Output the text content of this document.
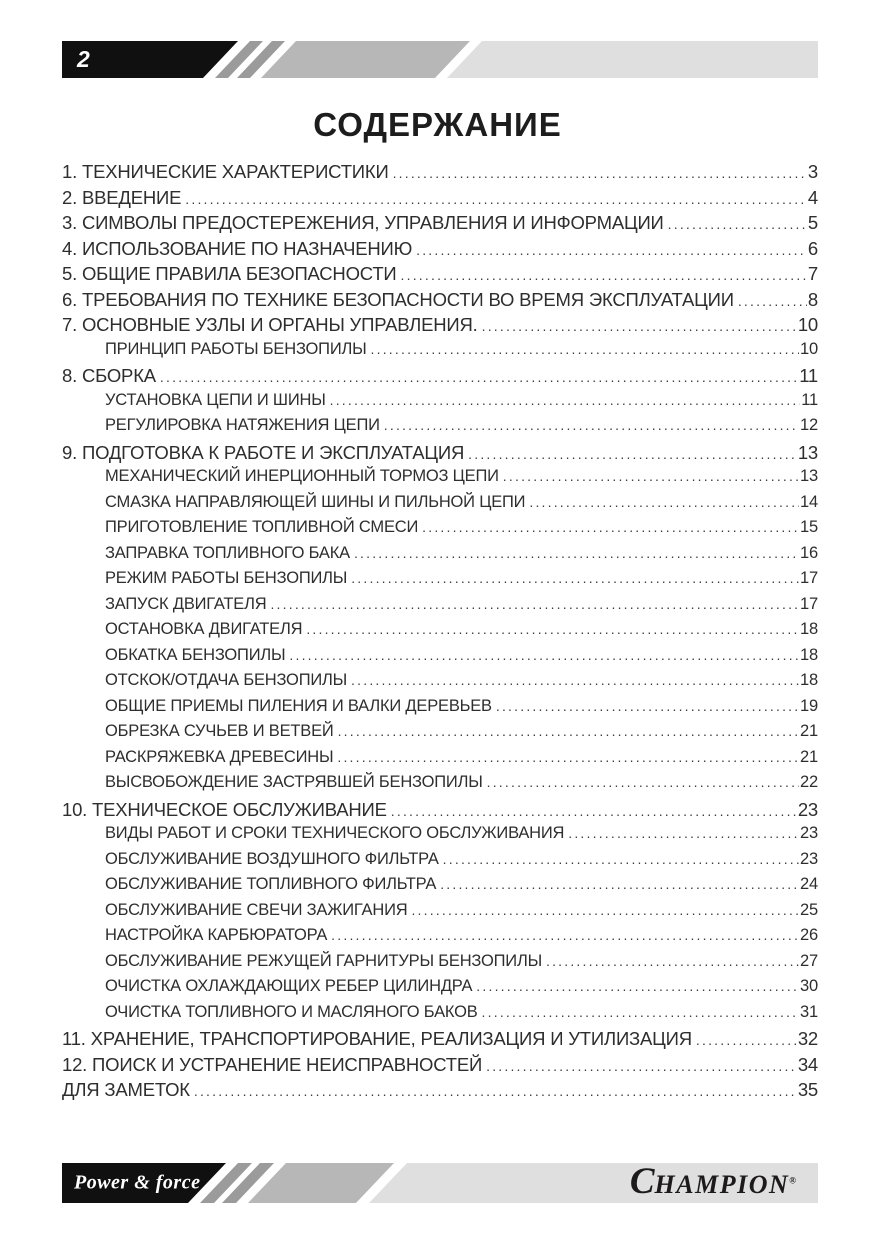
2
СОДЕРЖАНИЕ
1. ТЕХНИЧЕСКИЕ ХАРАКТЕРИСТИКИ .....	3
2. ВВЕДЕНИЕ .....	4
3. СИМВОЛЫ ПРЕДОСТЕРЕЖЕНИЯ, УПРАВЛЕНИЯ И ИНФОРМАЦИИ .....	5
4. ИСПОЛЬЗОВАНИЕ ПО НАЗНАЧЕНИЮ .....	6
5. ОБЩИЕ ПРАВИЛА БЕЗОПАСНОСТИ .....	7
6. ТРЕБОВАНИЯ ПО ТЕХНИКЕ БЕЗОПАСНОСТИ ВО ВРЕМЯ ЭКСПЛУАТАЦИИ .....	8
7. ОСНОВНЫЕ УЗЛЫ И ОРГАНЫ УПРАВЛЕНИЯ. .....	10
ПРИНЦИП РАБОТЫ БЕНЗОПИЛЫ .....	10
8. СБОРКА .....	11
УСТАНОВКА ЦЕПИ И ШИНЫ .....	11
РЕГУЛИРОВКА НАТЯЖЕНИЯ ЦЕПИ .....	12
9. ПОДГОТОВКА К РАБОТЕ И ЭКСПЛУАТАЦИЯ .....	13
МЕХАНИЧЕСКИЙ ИНЕРЦИОННЫЙ ТОРМОЗ ЦЕПИ .....	13
СМАЗКА НАПРАВЛЯЮЩЕЙ ШИНЫ И ПИЛЬНОЙ ЦЕПИ .....	14
ПРИГОТОВЛЕНИЕ ТОПЛИВНОЙ СМЕСИ .....	15
ЗАПРАВКА ТОПЛИВНОГО БАКА .....	16
РЕЖИМ РАБОТЫ БЕНЗОПИЛЫ .....	17
ЗАПУСК ДВИГАТЕЛЯ .....	17
ОСТАНОВКА ДВИГАТЕЛЯ .....	18
ОБКАТКА БЕНЗОПИЛЫ .....	18
ОТСКОК/ОТДАЧА БЕНЗОПИЛЫ .....	18
ОБЩИЕ ПРИЕМЫ ПИЛЕНИЯ И ВАЛКИ ДЕРЕВЬЕВ .....	19
ОБРЕЗКА СУЧЬЕВ И ВЕТВЕЙ .....	21
РАСКРЯЖЕВКА ДРЕВЕСИНЫ .....	21
ВЫСВОБОЖДЕНИЕ ЗАСТРЯВШЕЙ БЕНЗОПИЛЫ .....	22
10. ТЕХНИЧЕСКОЕ ОБСЛУЖИВАНИЕ .....	23
ВИДЫ РАБОТ И СРОКИ ТЕХНИЧЕСКОГО ОБСЛУЖИВАНИЯ .....	23
ОБСЛУЖИВАНИЕ ВОЗДУШНОГО ФИЛЬТРА .....	23
ОБСЛУЖИВАНИЕ ТОПЛИВНОГО ФИЛЬТРА .....	24
ОБСЛУЖИВАНИЕ СВЕЧИ ЗАЖИГАНИЯ .....	25
НАСТРОЙКА КАРБЮРАТОРА .....	26
ОБСЛУЖИВАНИЕ РЕЖУЩЕЙ ГАРНИТУРЫ БЕНЗОПИЛЫ .....	27
ОЧИСТКА ОХЛАЖДАЮЩИХ РЕБЕР ЦИЛИНДРА .....	30
ОЧИСТКА ТОПЛИВНОГО И МАСЛЯНОГО БАКОВ .....	31
11. ХРАНЕНИЕ, ТРАНСПОРТИРОВАНИЕ, РЕАЛИЗАЦИЯ И УТИЛИЗАЦИЯ .....	32
12. ПОИСК И УСТРАНЕНИЕ НЕИСПРАВНОСТЕЙ .....	34
ДЛЯ ЗАМЕТОК .....	35
Power & force	CHAMPION®
